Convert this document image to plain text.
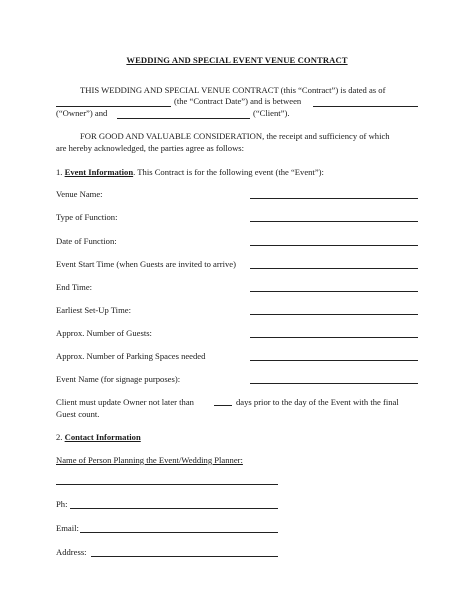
WEDDING AND SPECIAL EVENT VENUE CONTRACT
THIS WEDDING AND SPECIAL VENUE CONTRACT (this “Contract”) is dated as of
(the “Contract Date”) and is between
(“Owner”) and	(“Client”).
FOR GOOD AND VALUABLE CONSIDERATION, the receipt and sufficiency of which
are hereby acknowledged, the parties agree as follows:
1. Event Information. This Contract is for the following event (the “Event”):
Venue Name:
Type of Function:
Date of Function:
Event Start Time (when Guests are invited to arrive)
End Time:
Earliest Set-Up Time:
Approx. Number of Guests:
Approx. Number of Parking Spaces needed
Event Name (for signage purposes):
Client must update Owner not later than	days prior to the day of the Event with the final
Guest count.
2. Contact Information
Name of Person Planning the Event/Wedding Planner:
Ph:
Email:
Address:
